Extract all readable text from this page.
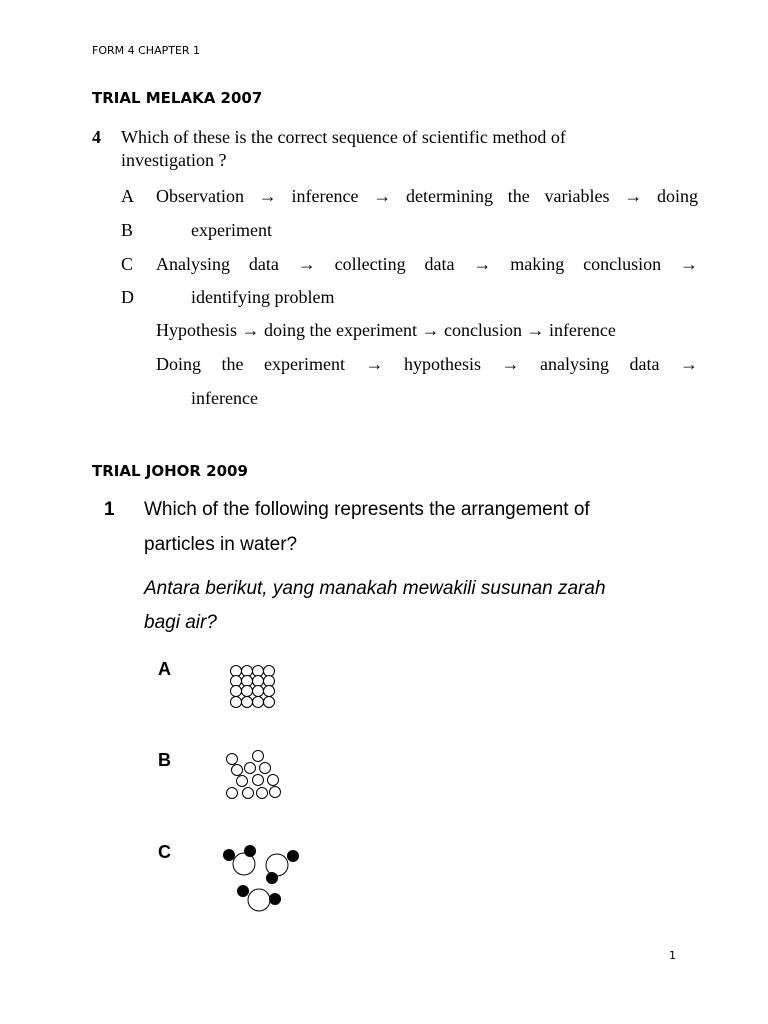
FORM 4 CHAPTER 1
TRIAL MELAKA 2007
4 Which of these is the correct sequence of scientific method of
investigation ?
A
B
C
D
Observation → inference → determining the variables → doing
experiment
Analysing data → collecting data → making conclusion →
identifying problem
Hypothesis → doing the experiment → conclusion → inference
Doing the experiment → hypothesis → analysing data →
inference
TRIAL JOHOR 2009
1 Which of the following represents the arrangement of
particles in water?
Antara berikut, yang manakah mewakili susunan zarah
bagi air?
A
B
C
1
